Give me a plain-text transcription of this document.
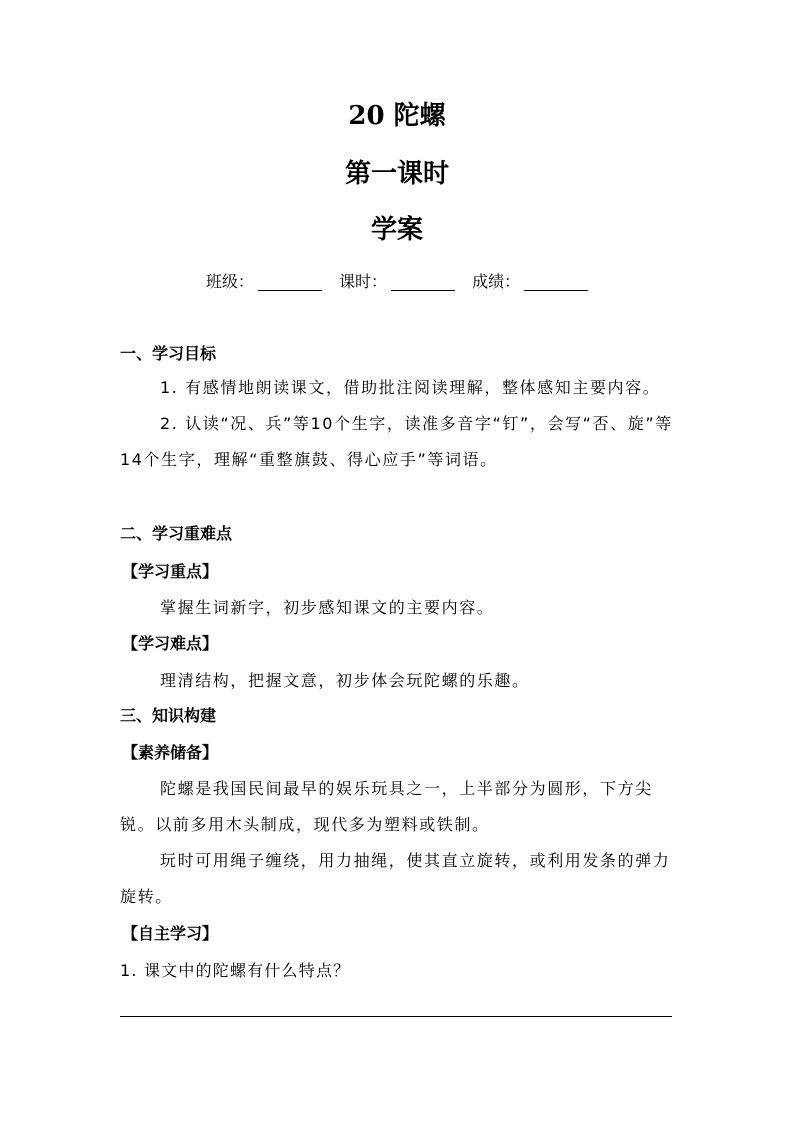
20 陀螺
第一课时
学案
班级：	课时：	成绩：
一、学习目标
1. 有感情地朗读课文，借助批注阅读理解，整体感知主要内容。
2. 认读“况、兵”等10个生字，读准多音字“钉”，会写“否、旋”等14个生字，理解“重整旗鼓、得心应手”等词语。
二、学习重难点
【学习重点】
掌握生词新字，初步感知课文的主要内容。
【学习难点】
理清结构，把握文意，初步体会玩陀螺的乐趣。
三、知识构建
【素养储备】
陀螺是我国民间最早的娱乐玩具之一，上半部分为圆形，下方尖锐。以前多用木头制成，现代多为塑料或铁制。
玩时可用绳子缠绕，用力抽绳，使其直立旋转，或利用发条的弹力旋转。
【自主学习】
1. 课文中的陀螺有什么特点？
